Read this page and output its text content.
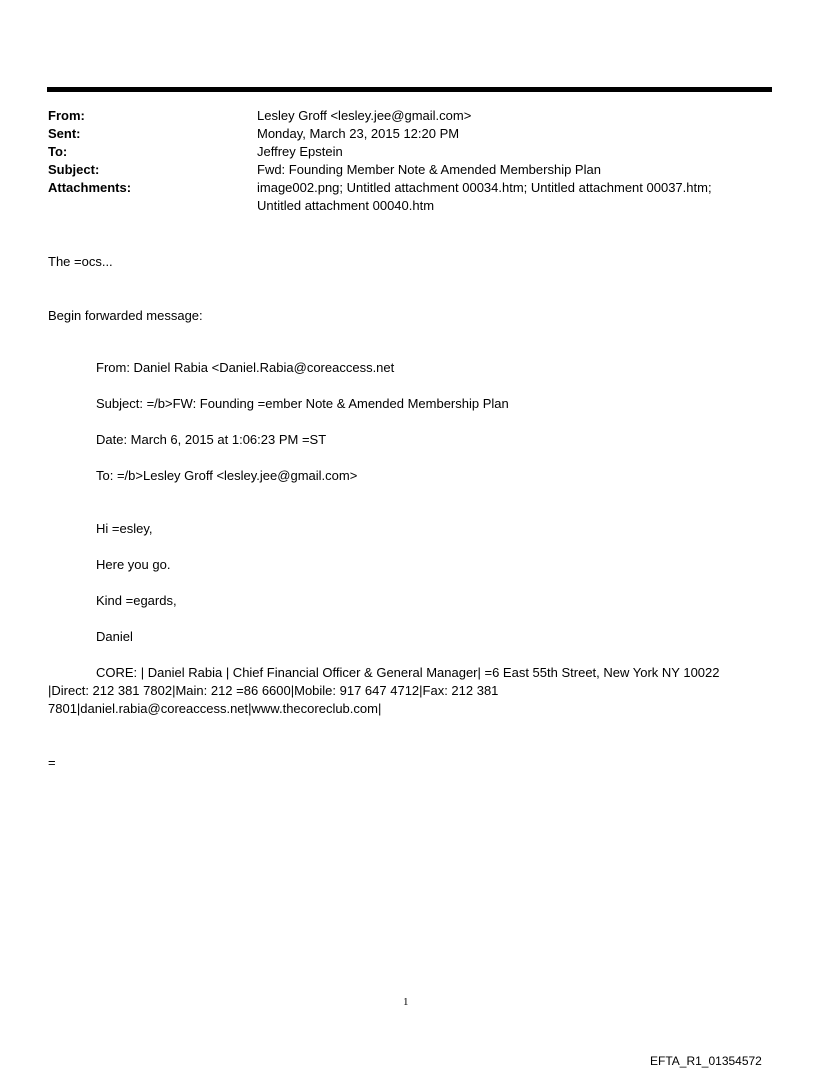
From:	Lesley Groff <lesley.jee@gmail.com>
Sent:	Monday, March 23, 2015 12:20 PM
To:	Jeffrey Epstein
Subject:	Fwd: Founding Member Note & Amended Membership Plan
Attachments:	image002.png; Untitled attachment 00034.htm; Untitled attachment 00037.htm;
Untitled attachment 00040.htm
The =ocs...
Begin forwarded message:
From: Daniel Rabia <Daniel.Rabia@coreaccess.net
Subject: =/b>FW: Founding =ember Note & Amended Membership Plan
Date: March 6, 2015 at 1:06:23 PM =ST
To: =/b>Lesley Groff <lesley.jee@gmail.com>
Hi =esley,
Here you go.
Kind =egards,
Daniel
CORE: | Daniel Rabia | Chief Financial Officer & General Manager| =6 East 55th Street, New York NY 10022
|Direct: 212 381 7802|Main: 212 =86 6600|Mobile: 917 647 4712|Fax: 212 381
7801|daniel.rabia@coreaccess.net|www.thecoreclub.com|
=
1
EFTA_R1_01354572
